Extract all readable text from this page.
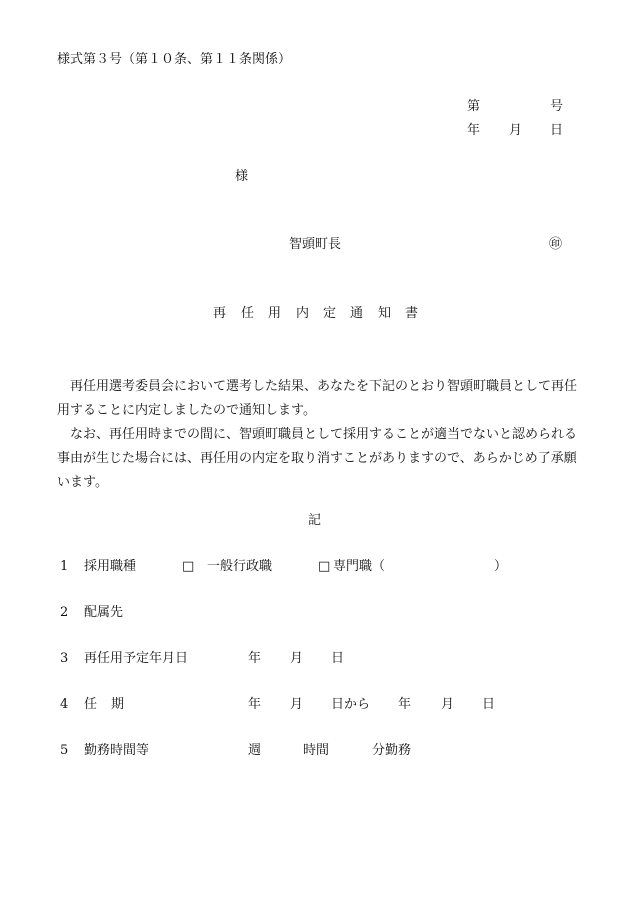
様式第３号（第１０条、第１１条関係）
第	号
年 月 日
様
智頭町長	㊞
再 任 用 内 定 通 知 書

再任用選考委員会において選考した結果、あなたを下記のとおり智頭町職員として再任用することに内定しましたので通知します。

なお、再任用時までの間に、智頭町職員として採用することが適当でないと認められる事由が生じた場合には、再任用の内定を取り消すことがありますので、あらかじめ了承願います。

記
1 採用職種	□ 一般行政職	□ 専門職（	）
2 配属先
3 再任用予定年月日	年 月 日
4 任 期	年 月 日から 年 月 日
5 勤務時間等	週	時間	分勤務
